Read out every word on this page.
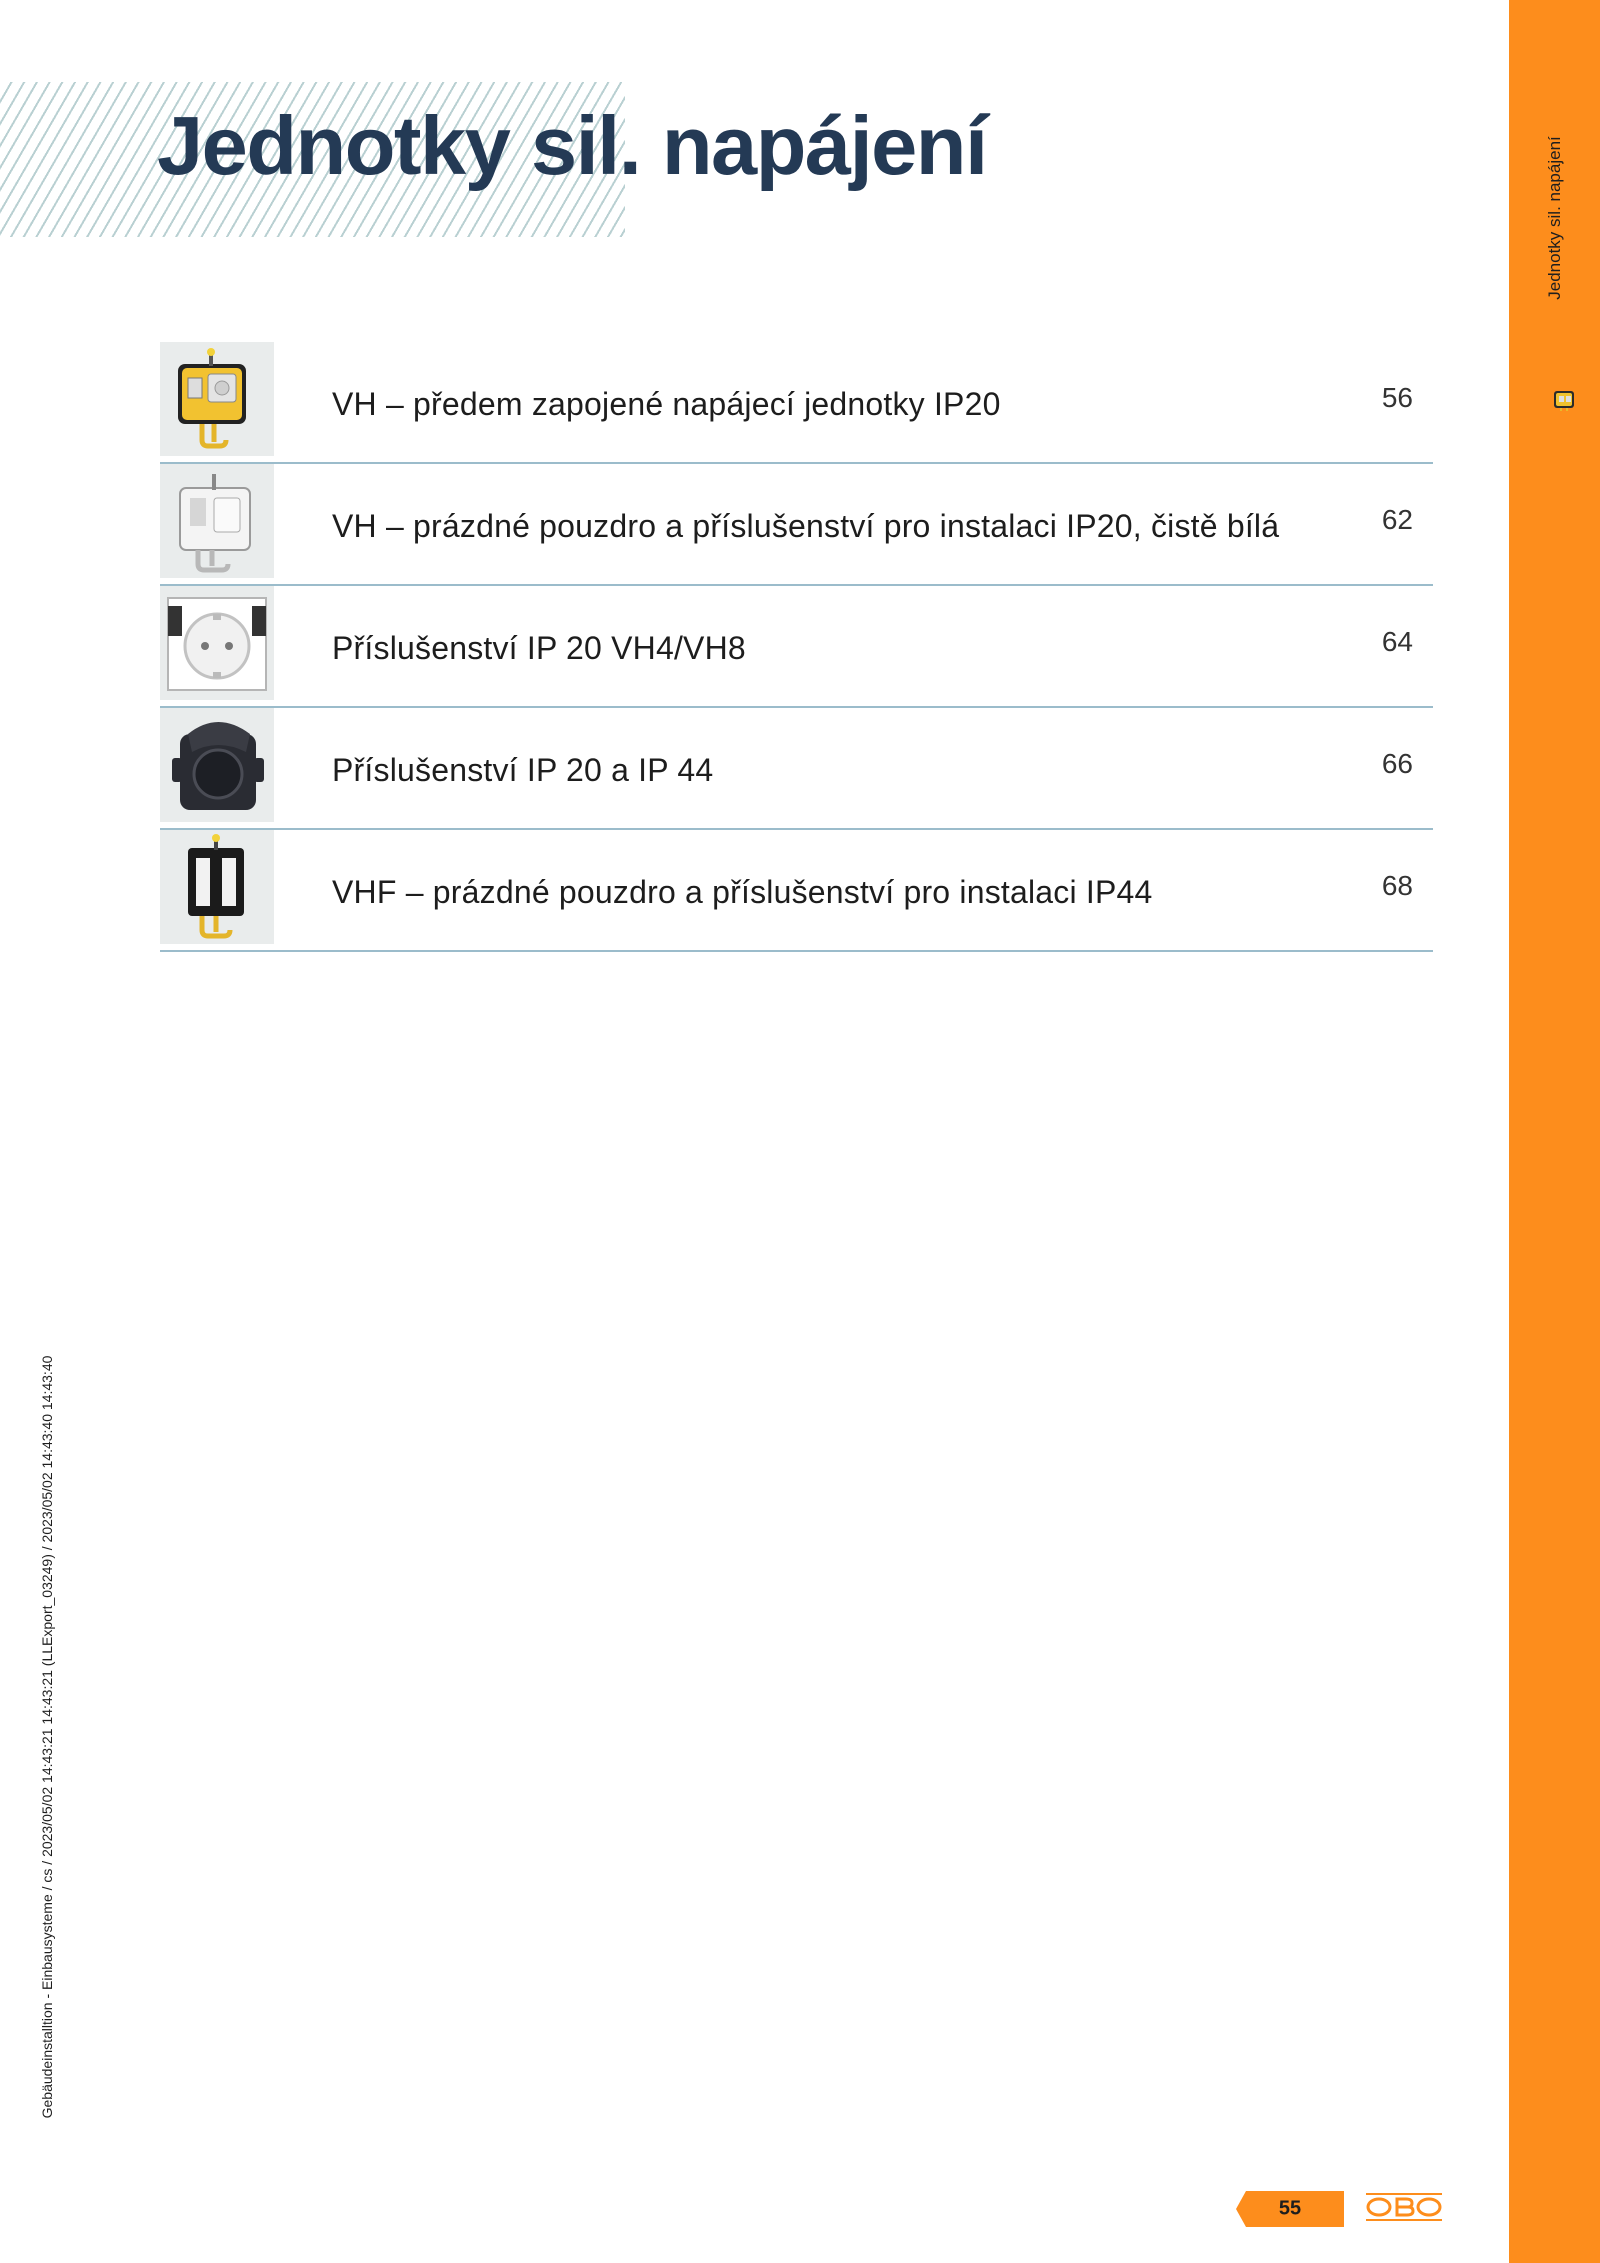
Jednotky sil. napájení	Jednotky sil. napájení
VH – předem zapojené napájecí jednotky IP20	56
VH – prázdné pouzdro a příslušenství pro instalaci IP20, čistě bílá	62
Příslušenství IP 20 VH4/VH8	64
Příslušenství IP 20 a IP 44	66
VHF – prázdné pouzdro a příslušenství pro instalaci IP44	68
Gebäudeinstalltion - Einbausysteme / cs / 2023/05/02 14:43:21 14:43:21 (LLExport_03249) / 2023/05/02 14:43:40 14:43:40
55
